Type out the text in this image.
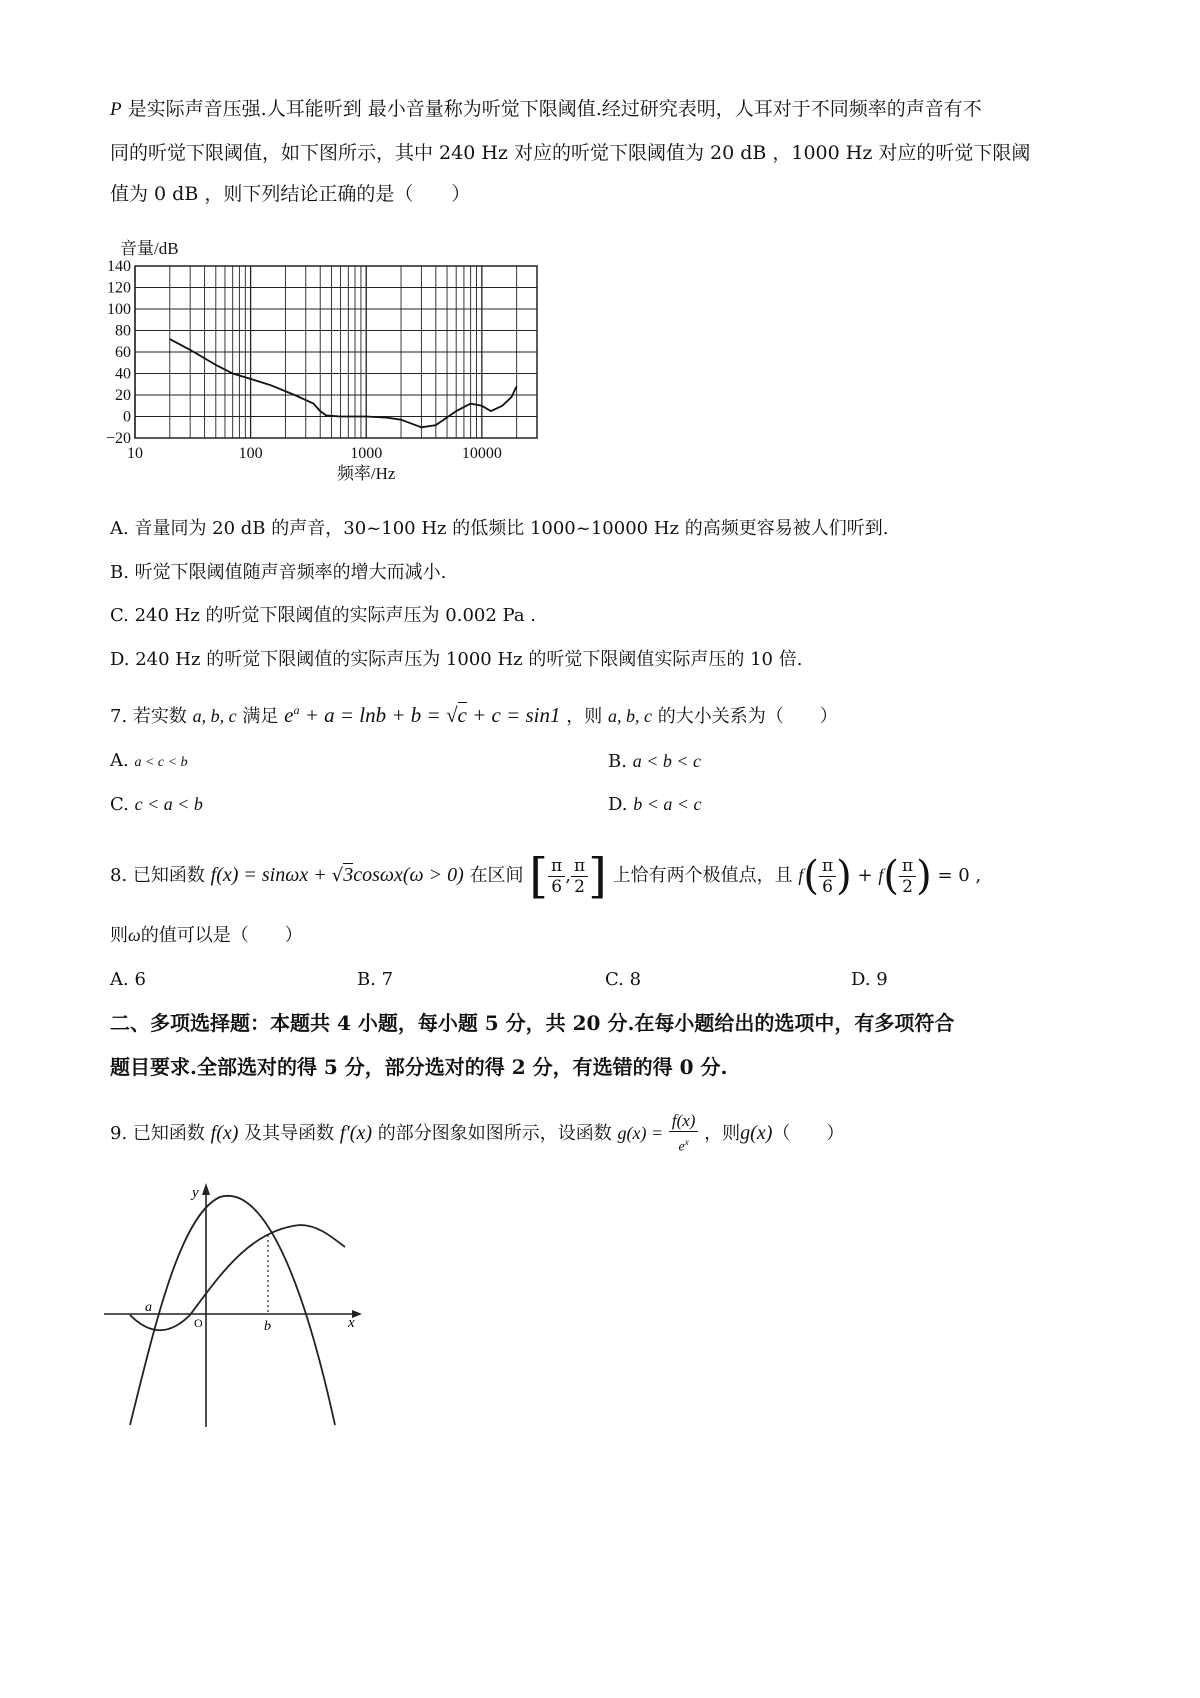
P 是实际声音压强.人耳能听到 最小音量称为听觉下限阈值.经过研究表明，人耳对于不同频率的声音有不
同的听觉下限阈值，如下图所示，其中 240 Hz 对应的听觉下限阈值为 20 dB ，1000 Hz 对应的听觉下限阈
值为 0 dB ，则下列结论正确的是（　　）
140
120
100
80
60
40
20
0
−20
10	100	1000	10000
音量/dB
频率/Hz
A. 音量同为 20 dB 的声音，30~100 Hz 的低频比 1000~10000 Hz 的高频更容易被人们听到.
B. 听觉下限阈值随声音频率的增大而减小.
C. 240 Hz 的听觉下限阈值的实际声压为 0.002 Pa .
D. 240 Hz 的听觉下限阈值的实际声压为 1000 Hz 的听觉下限阈值实际声压的 10 倍.
7. 若实数 a, b, c 满足 $e^a + a = \ln b + b = √c + c = \sin 1$ ，则 a, b, c 的大小关系为（　　）
A. a < c < b	B. a < b < c
C. c < a < b	D. b < a < c
8. 已知函数 f(x) = sinωx + √3cosωx(ω > 0) 在区间 [ $\frac{\pi}{6}$ , $\frac{\pi}{2}$ ] 上恰有两个极值点，且 $f( \frac{\pi}{6}$ ) + $f( \frac{\pi}{2}$ ) = 0 ,
则ω的值可以是（　　）
A. 6	B. 7	C. 8	D. 9
二、多项选择题：本题共 4 小题，每小题 5 分，共 20 分.在每小题给出的选项中，有多项符合
题目要求.全部选对的得 5 分，部分选对的得 2 分，有选错的得 0 分.
9. 已知函数 f(x) 及其导函数 f′(x) 的部分图象如图所示，设函数 $g(x) = \frac{f(x)}{e^x}$ ，则g(x)（　　）
y
x
a
O	b
